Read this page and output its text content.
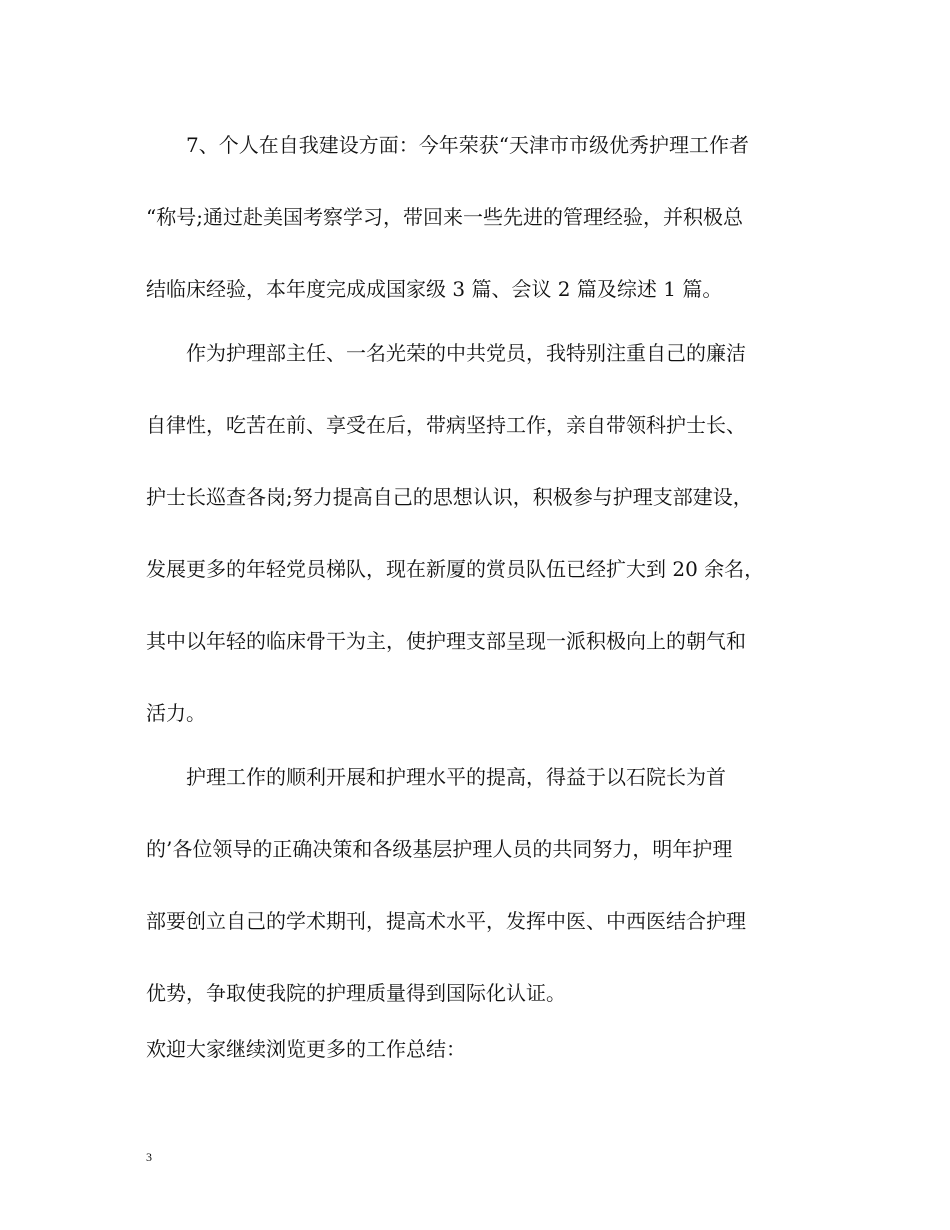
7、个人在自我建设方面：今年荣获“天津市市级优秀护理工作者
“称号;通过赴美国考察学习，带回来一些先进的管理经验，并积极总
结临床经验，本年度完成成国家级 3 篇、会议 2 篇及综述 1 篇。
作为护理部主任、一名光荣的中共党员，我特别注重自己的廉洁
自律性，吃苦在前、享受在后，带病坚持工作，亲自带领科护士长、
护士长巡查各岗;努力提高自己的思想认识，积极参与护理支部建设，
发展更多的年轻党员梯队，现在新厦的赏员队伍已经扩大到 20 余名，
其中以年轻的临床骨干为主，使护理支部呈现一派积极向上的朝气和
活力。
护理工作的顺利开展和护理水平的提高，得益于以石院长为首
的’各位领导的正确决策和各级基层护理人员的共同努力，明年护理
部要创立自己的学术期刊，提高术水平，发挥中医、中西医结合护理
优势，争取使我院的护理质量得到国际化认证。
欢迎大家继续浏览更多的工作总结：
3
